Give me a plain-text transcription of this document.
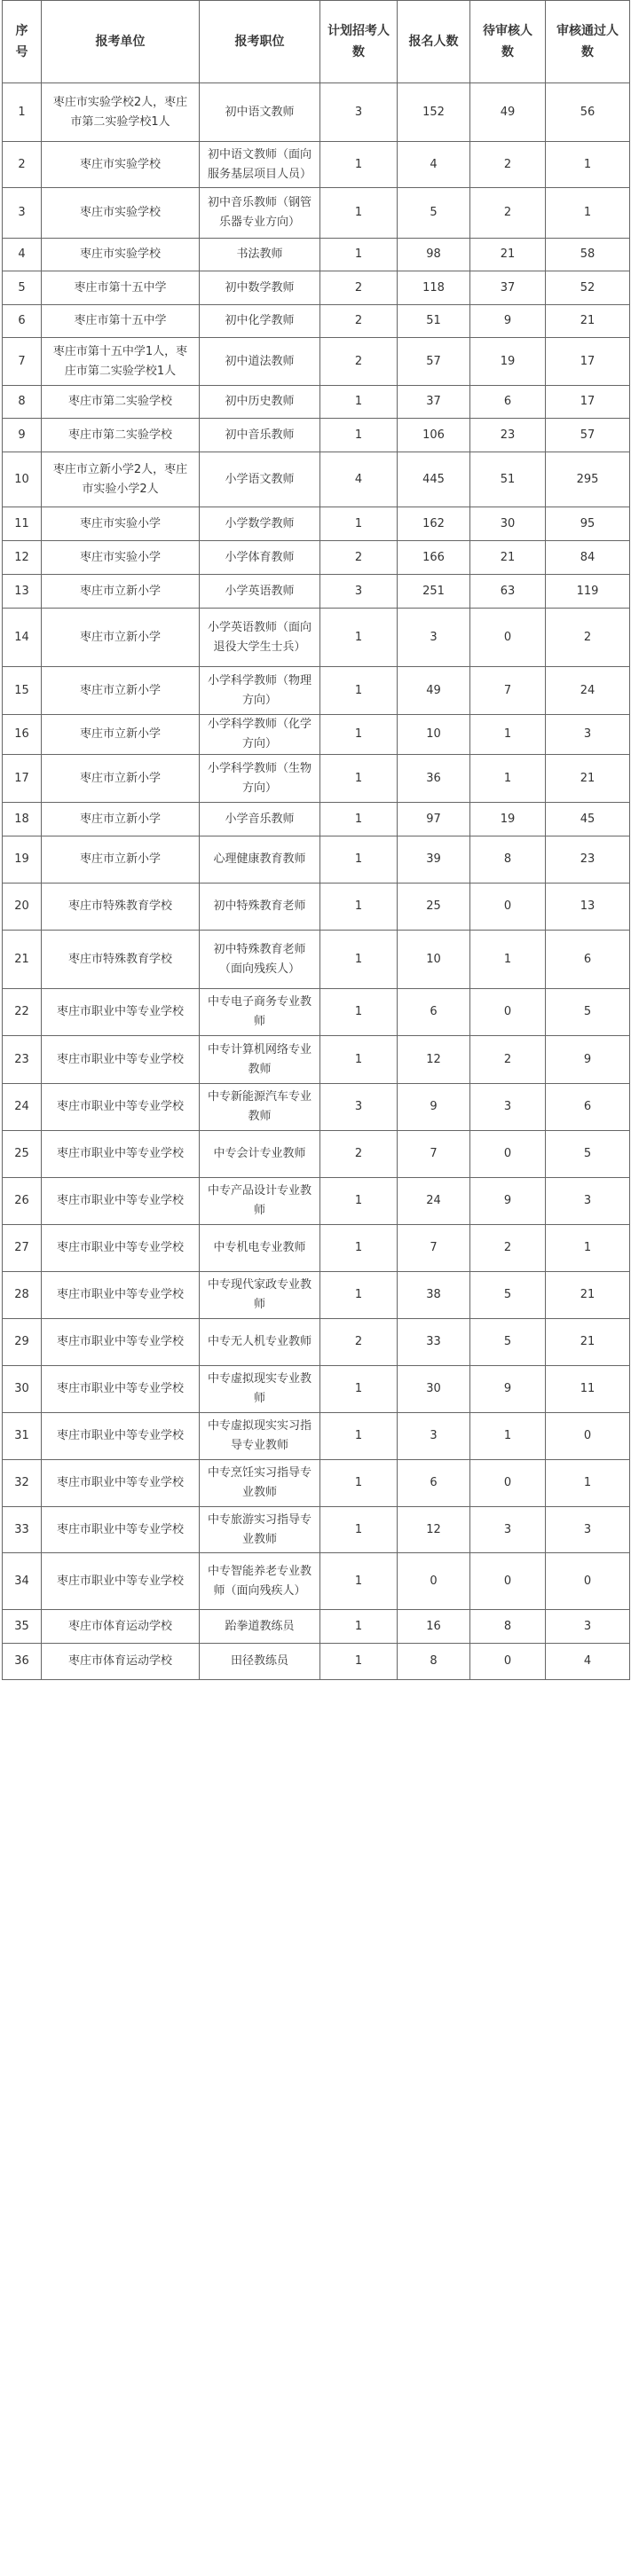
序号	报考单位	报考职位	计划招考人数	报名人数	待审核人数	审核通过人数
1	枣庄市实验学校2人，枣庄市第二实验学校1人	初中语文教师	3	152	49	56
2	枣庄市实验学校	初中语文教师（面向服务基层项目人员）	1	4	2	1
3	枣庄市实验学校	初中音乐教师（钢管乐器专业方向）	1	5	2	1
4	枣庄市实验学校	书法教师	1	98	21	58
5	枣庄市第十五中学	初中数学教师	2	118	37	52
6	枣庄市第十五中学	初中化学教师	2	51	9	21
7	枣庄市第十五中学1人，枣庄市第二实验学校1人	初中道法教师	2	57	19	17
8	枣庄市第二实验学校	初中历史教师	1	37	6	17
9	枣庄市第二实验学校	初中音乐教师	1	106	23	57
10	枣庄市立新小学2人，枣庄市实验小学2人	小学语文教师	4	445	51	295
11	枣庄市实验小学	小学数学教师	1	162	30	95
12	枣庄市实验小学	小学体育教师	2	166	21	84
13	枣庄市立新小学	小学英语教师	3	251	63	119
14	枣庄市立新小学	小学英语教师（面向退役大学生士兵）	1	3	0	2
15	枣庄市立新小学	小学科学教师（物理方向）	1	49	7	24
16	枣庄市立新小学	小学科学教师（化学方向）	1	10	1	3
17	枣庄市立新小学	小学科学教师（生物方向）	1	36	1	21
18	枣庄市立新小学	小学音乐教师	1	97	19	45
19	枣庄市立新小学	心理健康教育教师	1	39	8	23
20	枣庄市特殊教育学校	初中特殊教育老师	1	25	0	13
21	枣庄市特殊教育学校	初中特殊教育老师（面向残疾人）	1	10	1	6
22	枣庄市职业中等专业学校	中专电子商务专业教师	1	6	0	5
23	枣庄市职业中等专业学校	中专计算机网络专业教师	1	12	2	9
24	枣庄市职业中等专业学校	中专新能源汽车专业教师	3	9	3	6
25	枣庄市职业中等专业学校	中专会计专业教师	2	7	0	5
26	枣庄市职业中等专业学校	中专产品设计专业教师	1	24	9	3
27	枣庄市职业中等专业学校	中专机电专业教师	1	7	2	1
28	枣庄市职业中等专业学校	中专现代家政专业教师	1	38	5	21
29	枣庄市职业中等专业学校	中专无人机专业教师	2	33	5	21
30	枣庄市职业中等专业学校	中专虚拟现实专业教师	1	30	9	11
31	枣庄市职业中等专业学校	中专虚拟现实实习指导专业教师	1	3	1	0
32	枣庄市职业中等专业学校	中专烹饪实习指导专业教师	1	6	0	1
33	枣庄市职业中等专业学校	中专旅游实习指导专业教师	1	12	3	3
34	枣庄市职业中等专业学校	中专智能养老专业教师（面向残疾人）	1	0	0	0
35	枣庄市体育运动学校	跆拳道教练员	1	16	8	3
36	枣庄市体育运动学校	田径教练员	1	8	0	4
